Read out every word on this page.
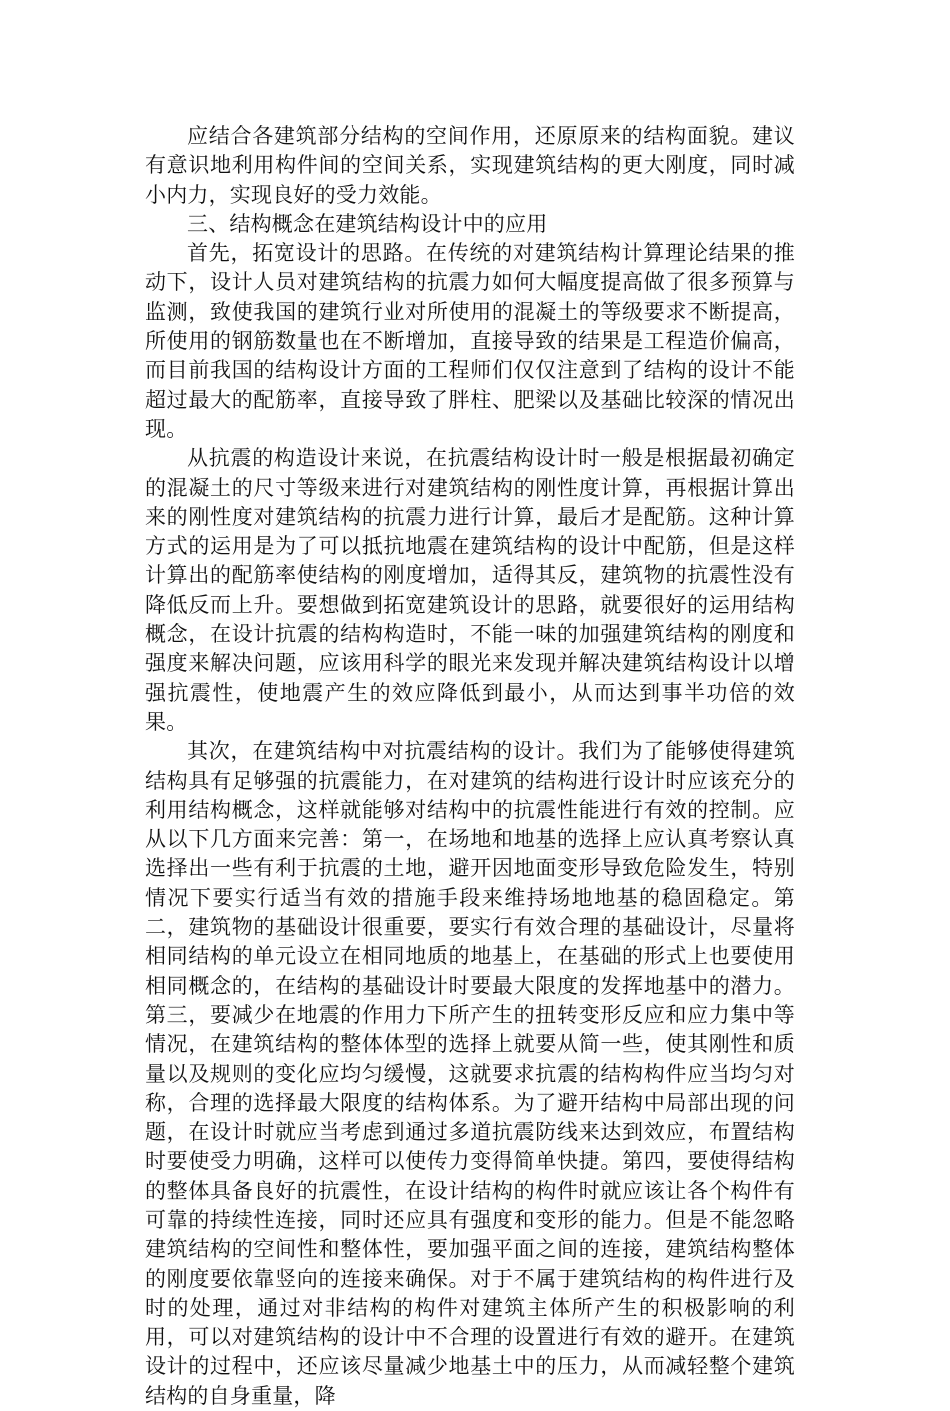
应结合各建筑部分结构的空间作用，还原原来的结构面貌。建议有意识地利用构件间的空间关系，实现建筑结构的更大刚度，同时减小内力，实现良好的受力效能。

三、结构概念在建筑结构设计中的应用

首先，拓宽设计的思路。在传统的对建筑结构计算理论结果的推动下，设计人员对建筑结构的抗震力如何大幅度提高做了很多预算与监测，致使我国的建筑行业对所使用的混凝土的等级要求不断提高，所使用的钢筋数量也在不断增加，直接导致的结果是工程造价偏高，而目前我国的结构设计方面的工程师们仅仅注意到了结构的设计不能超过最大的配筋率，直接导致了胖柱、肥梁以及基础比较深的情况出现。

从抗震的构造设计来说，在抗震结构设计时一般是根据最初确定的混凝土的尺寸等级来进行对建筑结构的刚性度计算，再根据计算出来的刚性度对建筑结构的抗震力进行计算，最后才是配筋。这种计算方式的运用是为了可以抵抗地震在建筑结构的设计中配筋，但是这样计算出的配筋率使结构的刚度增加，适得其反，建筑物的抗震性没有降低反而上升。要想做到拓宽建筑设计的思路，就要很好的运用结构概念，在设计抗震的结构构造时，不能一味的加强建筑结构的刚度和强度来解决问题，应该用科学的眼光来发现并解决建筑结构设计以增强抗震性，使地震产生的效应降低到最小，从而达到事半功倍的效果。

其次，在建筑结构中对抗震结构的设计。我们为了能够使得建筑结构具有足够强的抗震能力，在对建筑的结构进行设计时应该充分的利用结构概念，这样就能够对结构中的抗震性能进行有效的控制。应从以下几方面来完善：第一，在场地和地基的选择上应认真考察认真选择出一些有利于抗震的土地，避开因地面变形导致危险发生，特别情况下要实行适当有效的措施手段来维持场地地基的稳固稳定。第二，建筑物的基础设计很重要，要实行有效合理的基础设计，尽量将相同结构的单元设立在相同地质的地基上，在基础的形式上也要使用相同概念的，在结构的基础设计时要最大限度的发挥地基中的潜力。第三，要减少在地震的作用力下所产生的扭转变形反应和应力集中等情况，在建筑结构的整体体型的选择上就要从简一些，使其刚性和质量以及规则的变化应均匀缓慢，这就要求抗震的结构构件应当均匀对称，合理的选择最大限度的结构体系。为了避开结构中局部出现的问题，在设计时就应当考虑到通过多道抗震防线来达到效应，布置结构时要使受力明确，这样可以使传力变得简单快捷。第四，要使得结构的整体具备良好的抗震性，在设计结构的构件时就应该让各个构件有可靠的持续性连接，同时还应具有强度和变形的能力。但是不能忽略建筑结构的空间性和整体性，要加强平面之间的连接，建筑结构整体的刚度要依靠竖向的连接来确保。对于不属于建筑结构的构件进行及时的处理，通过对非结构的构件对建筑主体所产生的积极影响的利用，可以对建筑结构的设计中不合理的设置进行有效的避开。在建筑设计的过程中，还应该尽量减少地基土中的压力，从而减轻整个建筑结构的自身重量，降
